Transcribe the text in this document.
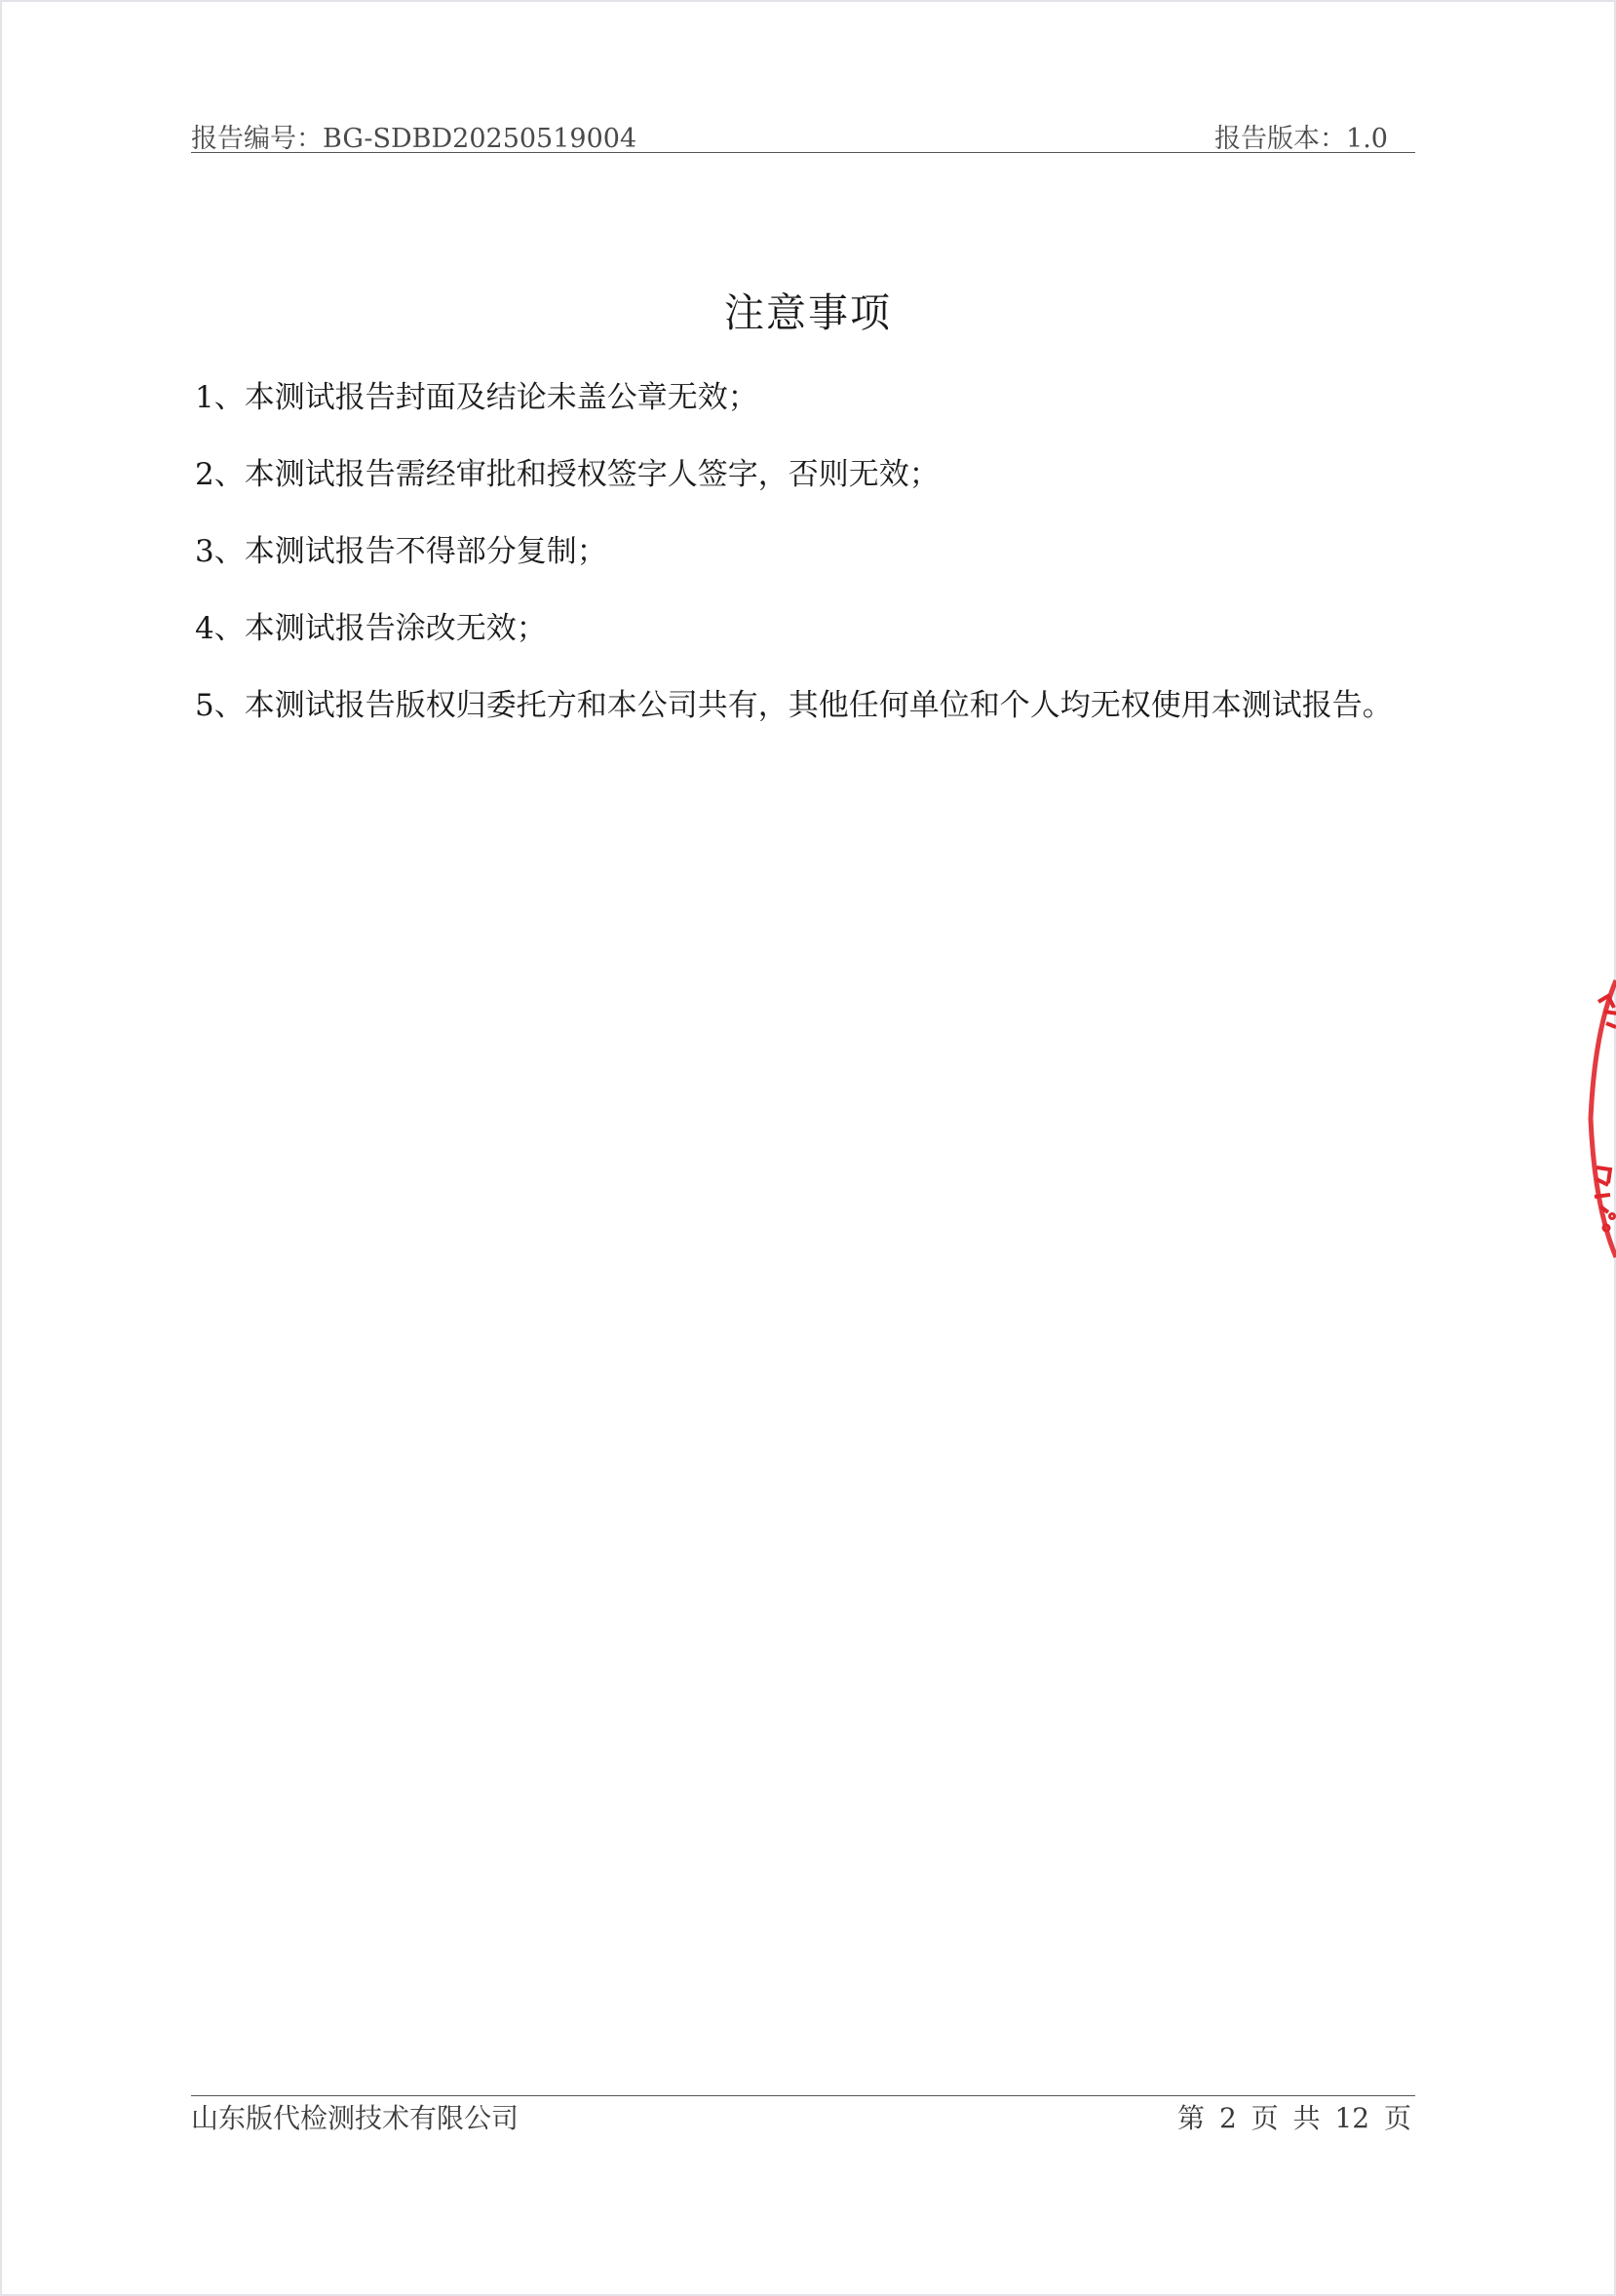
报告编号：BG-SDBD20250519004	报告版本：1.0
注意事项
1、本测试报告封面及结论未盖公章无效；
2、本测试报告需经审批和授权签字人签字，否则无效；
3、本测试报告不得部分复制；
4、本测试报告涂改无效；
5、本测试报告版权归委托方和本公司共有，其他任何单位和个人均无权使用本测试报告。
山东版代检测技术有限公司	第 2 页 共 12 页
